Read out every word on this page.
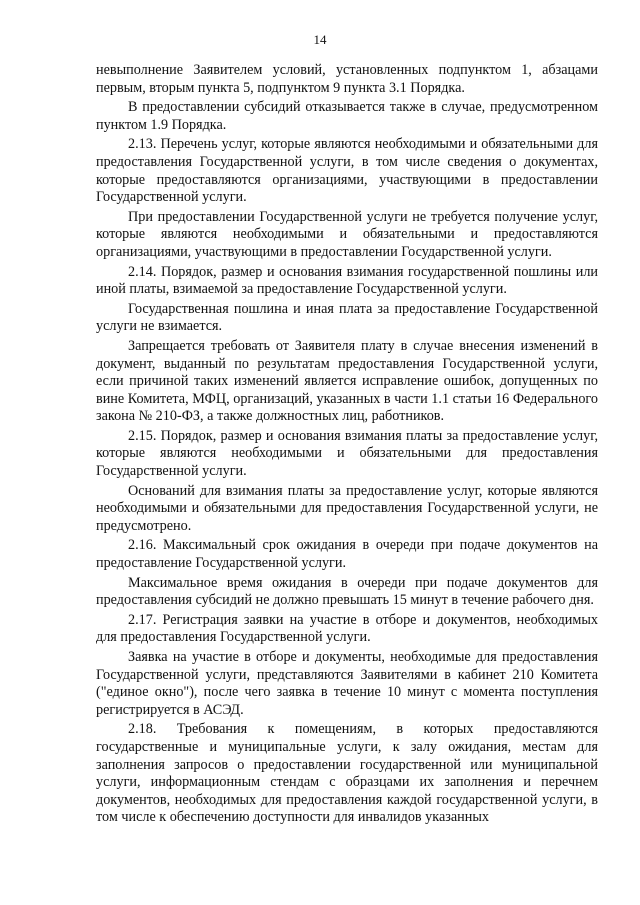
14

невыполнение Заявителем условий, установленных подпунктом 1, абзацами первым, вторым пункта 5, подпунктом 9 пункта 3.1 Порядка.

В предоставлении субсидий отказывается также в случае, предусмотренном пунктом 1.9 Порядка.

2.13. Перечень услуг, которые являются необходимыми и обязательными для предоставления Государственной услуги, в том числе сведения о документах, которые предоставляются организациями, участвующими в предоставлении Государственной услуги.

При предоставлении Государственной услуги не требуется получение услуг, которые являются необходимыми и обязательными и предоставляются организациями, участвующими в предоставлении Государственной услуги.

2.14. Порядок, размер и основания взимания государственной пошлины или иной платы, взимаемой за предоставление Государственной услуги.

Государственная пошлина и иная плата за предоставление Государственной услуги не взимается.

Запрещается требовать от Заявителя плату в случае внесения изменений в документ, выданный по результатам предоставления Государственной услуги, если причиной таких изменений является исправление ошибок, допущенных по вине Комитета, МФЦ, организаций, указанных в части 1.1 статьи 16 Федерального закона № 210-ФЗ, а также должностных лиц, работников.

2.15. Порядок, размер и основания взимания платы за предоставление услуг, которые являются необходимыми и обязательными для предоставления Государственной услуги.

Оснований для взимания платы за предоставление услуг, которые являются необходимыми и обязательными для предоставления Государственной услуги, не предусмотрено.

2.16. Максимальный срок ожидания в очереди при подаче документов на предоставление Государственной услуги.

Максимальное время ожидания в очереди при подаче документов для предоставления субсидий не должно превышать 15 минут в течение рабочего дня.

2.17. Регистрация заявки на участие в отборе и документов, необходимых для предоставления Государственной услуги.

Заявка на участие в отборе и документы, необходимые для предоставления Государственной услуги, представляются Заявителями в кабинет 210 Комитета ("единое окно"), после чего заявка в течение 10 минут с момента поступления регистрируется в АСЭД.

2.18. Требования к помещениям, в которых предоставляются государственные и муниципальные услуги, к залу ожидания, местам для заполнения запросов о предоставлении государственной или муниципальной услуги, информационным стендам с образцами их заполнения и перечнем документов, необходимых для предоставления каждой государственной услуги, в том числе к обеспечению доступности для инвалидов указанных
